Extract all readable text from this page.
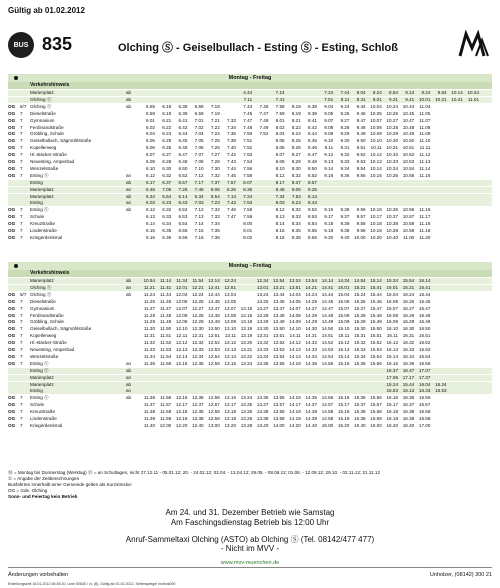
Gültig ab 01.02.2012
BUS 835	Olching Ⓢ - Geiselbullach - Esting Ⓢ - Esting, Schloß
Montag - Freitag
Verkehrshinweis
Marienplatz	ab	4.44	7.14	7.24	7.44	8.04	8.24	8.54	9.14	9.24	9.54	10.14	10.34
Olching Ⓢ	ab	7.11	7.41	7.51	8.11	8.31	9.01	9.21	9.41	10.01	10.21	10.41	11.01
OG	6/7 Olching Ⓢ	ab	5.55	6.18	6.38	6.58	7.18	7.44	7.46	7.58	8.18	8.38	9.04	9.24	9.44	10.04	10.24	10.44	11.04
OG	7	Dieselstraße	5.59	6.19	6.39	6.59	7.19	7.45	7.47	7.59	8.19	8.39	9.05	9.25	9.45	10.05	10.25	10.45	11.05
OG	7	Gymnasium	6.01	6.21	6.41	7.01	7.21	7.33	7.47	7.48	8.01	8.21	8.41	9.07	9.27	9.47	10.07	10.27	10.47	11.07
OG	7	Ferdinandstraße	6.02	6.22	6.42	7.02	7.22	7.34	7.48	7.49	8.02	8.22	8.42	9.08	9.28	9.48	10.08	10.28	10.48	11.08
OG	7	Gröbling, Schule	6.04	6.24	6.44	7.04	7.24	7.36	7.50	7.52	8.04	8.24	8.44	9.09	9.29	9.49	10.09	10.29	10.49	11.09
OG	7	Geiselbullach, Sägmühlstraße	6.05	6.25	6.45	7.05	7.25	7.38	7.51	8.05	8.25	8.45	9.10	9.30	9.50	10.10	10.30	10.50	11.10
OG	7	Kopellenweg	6.06	6.26	6.46	7.06	7.26	7.40	7.52	8.06	8.26	8.46	9.11	9.31	9.51	10.11	10.31	10.51	11.11
OG	7	Hl.-Bäcker-Straße	6.07	6.27	6.47	7.07	7.27	7.42	7.53	8.07	8.27	8.47	9.12	9.32	9.52	10.12	10.32	10.52	11.12
OG	7	Neuesting, Amperbad	6.08	6.28	6.48	7.08	7.28	7.43	7.54	8.08	8.28	8.48	9.13	9.33	9.53	10.13	10.33	10.53	11.13
OG	7	Wenzelstraße	6.10	6.30	6.50	7.10	7.30	7.44	7.56	8.10	8.30	8.50	9.14	9.34	9.54	10.14	10.34	10.54	11.14
OG	7	Esting Ⓢ	an	6.12	6.32	6.52	7.12	7.32	7.45	7.58	8.12	8.32	8.52	9.16	9.36	9.56	10.16	10.36	10.56	11.16
Esting	ab	6.17	6.37	6.57	7.17	7.37	7.57	8.07	8.17	8.37	8.57
Marienplatz	an	6.46	7.06	7.26	7.46	8.06	8.26	8.36	8.46	9.06	9.26
Marienplatz	ab	5.34	5.54	6.14	6.34	6.54	7.14	7.24	7.34	7.54	8.14
Esting	an	6.03	6.23	6.43	7.03	7.23	7.43	7.53	8.03	8.23	8.43
OG	7	Esting Ⓢ	ab	6.12	6.32	6.52	7.12	7.32	7.46	7.58	8.12	8.32	8.52	9.16	9.36	9.56	10.16	10.36	10.56	11.16
OG	7	Schule	6.13	6.33	6.53	7.13	7.33	7.47	7.58	8.13	8.33	8.53	9.17	9.37	9.57	10.17	10.37	10.57	11.17
OG	7	Kreuzstraße	6.14	6.34	6.54	7.14	7.34	8.00	8.14	8.34	8.54	9.18	9.38	9.58	10.18	10.38	10.58	11.18
OG	7	Lindenstraße	6.15	6.35	6.55	7.15	7.35	8.01	8.15	8.35	8.55	9.18	9.38	9.58	10.18	10.38	10.58	11.18
OG	7	Kriegerdenkmal	6.16	6.36	6.56	7.16	7.36	8.02	8.16	8.36	8.56	9.20	9.40	10.00	10.20	10.40	11.00	11.20
Montag - Freitag
Verkehrshinweis
Marienplatz	ab	10.54	11.14	11.34	11.54	12.14	12.24	12.34	12.54	13.24	13.54	14.14	14.34	14.54	15.14	15.34	15.54	16.14
Olching Ⓢ	an	11.21	11.41	12.01	12.21	12.41	12.51	13.01	13.21	13.51	14.21	14.41	15.01	15.21	15.41	16.01	16.21	16.41
OG	6/7 Olching Ⓢ	ab	11.24	11.44	12.04	12.24	12.44	13.04	13.24	13.44	14.04	14.24	14.44	15.04	15.24	15.44	16.04	16.24	16.44
OG	7	Dieselstraße	11.25	11.45	12.05	12.25	12.45	13.05	13.25	13.45	14.05	14.25	14.45	15.05	15.25	15.45	16.05	16.25	16.45
OG	7	Gymnasium	11.27	11.47	12.07	12.27	12.47	13.07	13.15	13.27	13.47	14.07	14.27	14.47	15.07	15.27	15.47	16.07	16.27	16.47
OG	7	Ferdinandstraße	11.28	11.48	12.08	12.28	12.48	13.08	13.16	13.28	13.48	14.08	14.28	14.48	15.08	15.28	15.48	16.08	16.28	16.48
OG	7	Gröbling, Schule	11.29	11.49	12.09	12.29	12.49	13.09	13.18	13.29	13.49	14.09	14.29	14.49	15.09	15.29	15.49	16.09	16.29	16.49
OG	7	Geiselbullach, Sägmühlstraße	11.30	11.50	12.10	12.30	12.50	13.10	13.19	13.30	13.50	14.10	14.30	14.50	15.10	15.30	15.50	16.10	16.30	16.50
OG	7	Kopellenweg	11.31	11.51	12.11	12.31	12.51	13.11	13.19	13.31	13.51	14.11	14.31	14.51	15.11	15.31	15.51	16.11	16.31	16.51
OG	7	Hl.-Bäcker-Straße	11.32	11.52	12.12	12.32	12.52	13.12	13.20	13.32	13.52	14.12	14.32	14.52	15.12	15.32	15.52	16.12	16.32	16.52
OG	7	Neuesting, Amperbad	11.33	11.53	12.13	12.33	12.53	13.13	13.21	13.33	13.53	14.13	14.33	14.53	15.13	15.33	15.53	16.13	16.33	16.53
OG	7	Wenzelstraße	11.34	11.54	12.14	12.34	12.54	13.14	13.22	13.34	13.54	14.14	14.34	14.54	15.14	15.34	15.54	16.14	16.34	16.54
OG	7	Esting Ⓢ	an	11.36	11.56	12.16	12.36	12.56	13.16	13.24	13.36	13.56	14.16	14.36	14.56	15.16	15.36	15.56	16.16	16.36	16.56
Esting Ⓢ	ab	16.37	16.47	17.07
Marienplatz	an	17.06	17.17	17.37
Marienplatz	ab	15.24	15.44	16.04	16.24
Esting	an	15.53	16.13	16.33	16.53
OG	7	Esting Ⓢ	ab	11.36	11.56	12.16	12.36	12.56	13.16	13.24	13.36	13.56	14.16	14.36	14.56	15.16	15.36	15.56	16.16	16.36	16.56
OG	7	Schule	11.37	11.57	12.17	12.37	12.57	13.17	13.25	13.37	13.57	14.17	14.37	14.57	15.17	15.37	15.57	16.17	16.37	16.57
OG	7	Kreuzstraße	11.38	11.58	12.18	12.38	12.58	13.18	13.26	13.38	13.58	14.18	14.38	14.58	15.18	15.38	15.58	16.18	16.38	16.58
OG	7	Lindenstraße	11.38	11.58	12.18	12.38	12.58	13.18	13.26	13.38	13.58	14.18	14.38	14.58	15.18	15.38	15.58	16.18	16.38	16.58
OG	7	Kriegerdenkmal	11.40	12.00	12.20	12.40	13.00	13.20	13.28	13.40	14.00	14.20	14.40	15.00	15.20	15.40	16.00	16.20	16.40	17.00
Ⓜ = Montag bis Donnerstag (Werktag) Ⓑ = an Schultagen, nicht 27.12.11 - 05.01.12; 20. - 24.02.12; 02.04. - 13.04.12; 29.05. - 08.06.12; 01.08. - 12.09.12; 29.10. - 02.11.12; 21.11.12
① = Angabe der Zeitberechnungen
Busfahrten innerhalb einer Gemeinde gelten als Kurzstrecke:
OG = Gde. Olching
Sonn- und Feiertag kein Betrieb
Am 24. und 31. Dezember Betrieb wie Samstag
Am Faschingsdienstag Betrieb bis 12:00 Uhr
Anruf-Sammeltaxi Olching (ASTO) ab Olching Ⓢ (Tel. 08142/477 477)
- Nicht im MVV -
www.mvv-muenchen.de
Änderungen vorbehalten	Unholzer, (08142) 300 21
Erstellungszeit 16.01.2012 06:45:20, Linie 50835 / v1 (8), Gültig ab 01.02.2012, Seitenspiegel imvbus009
